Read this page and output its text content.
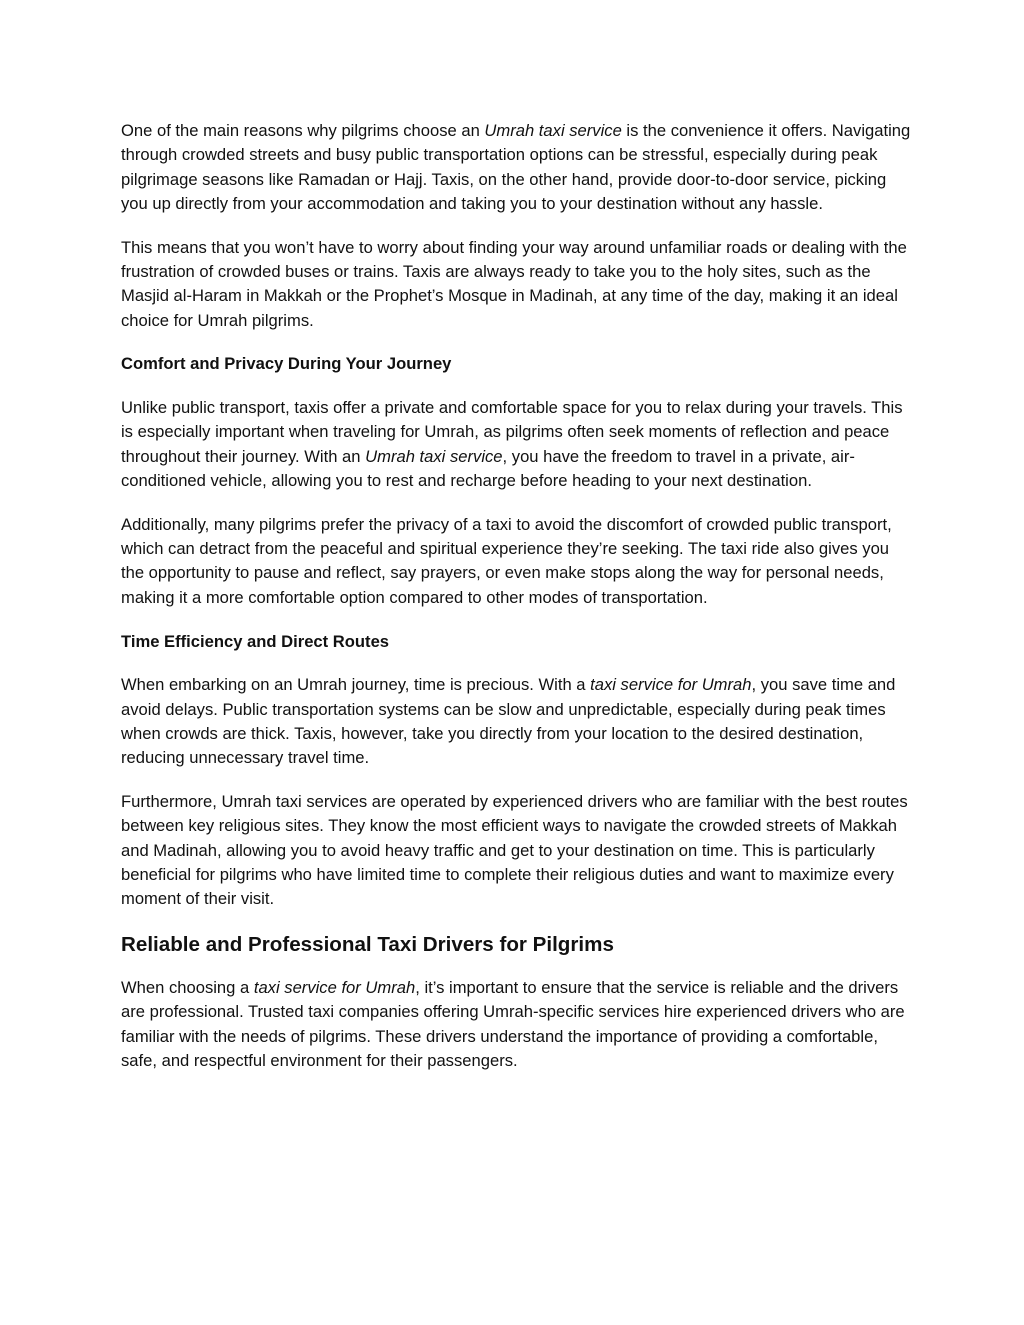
One of the main reasons why pilgrims choose an Umrah taxi service is the convenience it offers. Navigating through crowded streets and busy public transportation options can be stressful, especially during peak pilgrimage seasons like Ramadan or Hajj. Taxis, on the other hand, provide door-to-door service, picking you up directly from your accommodation and taking you to your destination without any hassle.

This means that you won’t have to worry about finding your way around unfamiliar roads or dealing with the frustration of crowded buses or trains. Taxis are always ready to take you to the holy sites, such as the Masjid al-Haram in Makkah or the Prophet’s Mosque in Madinah, at any time of the day, making it an ideal choice for Umrah pilgrims.

Comfort and Privacy During Your Journey

Unlike public transport, taxis offer a private and comfortable space for you to relax during your travels. This is especially important when traveling for Umrah, as pilgrims often seek moments of reflection and peace throughout their journey. With an Umrah taxi service, you have the freedom to travel in a private, air-conditioned vehicle, allowing you to rest and recharge before heading to your next destination.

Additionally, many pilgrims prefer the privacy of a taxi to avoid the discomfort of crowded public transport, which can detract from the peaceful and spiritual experience they’re seeking. The taxi ride also gives you the opportunity to pause and reflect, say prayers, or even make stops along the way for personal needs, making it a more comfortable option compared to other modes of transportation.

Time Efficiency and Direct Routes

When embarking on an Umrah journey, time is precious. With a taxi service for Umrah, you save time and avoid delays. Public transportation systems can be slow and unpredictable, especially during peak times when crowds are thick. Taxis, however, take you directly from your location to the desired destination, reducing unnecessary travel time.

Furthermore, Umrah taxi services are operated by experienced drivers who are familiar with the best routes between key religious sites. They know the most efficient ways to navigate the crowded streets of Makkah and Madinah, allowing you to avoid heavy traffic and get to your destination on time. This is particularly beneficial for pilgrims who have limited time to complete their religious duties and want to maximize every moment of their visit.

Reliable and Professional Taxi Drivers for Pilgrims

When choosing a taxi service for Umrah, it’s important to ensure that the service is reliable and the drivers are professional. Trusted taxi companies offering Umrah-specific services hire experienced drivers who are familiar with the needs of pilgrims. These drivers understand the importance of providing a comfortable, safe, and respectful environment for their passengers.
